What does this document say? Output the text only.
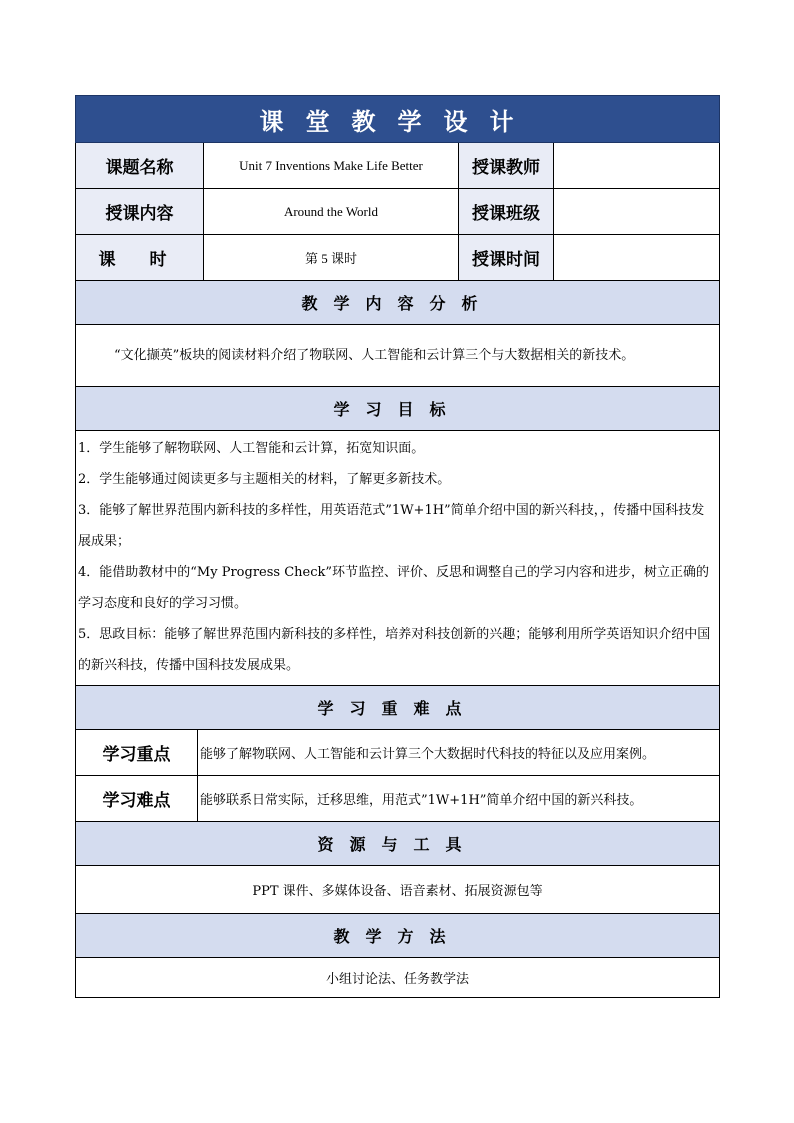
课堂教学设计				
课题名称		Unit 7 Inventions Make Life Better	授课教师	
授课内容		Around the World	授课班级	
课 时		第 5 课时	授课时间	
教学内容分析				
“文化撷英”板块的阅读材料介绍了物联网、人工智能和云计算三个与大数据相关的新技术。				
学习目标				

1．学生能够了解物联网、人工智能和云计算，拓宽知识面。

2．学生能够通过阅读更多与主题相关的材料，了解更多新技术。

3．能够了解世界范围内新科技的多样性，用英语范式”1W+1H”简单介绍中国的新兴科技，，传播中国科技发展成果；

4．能借助教材中的“My Progress Check”环节监控、评价、反思和调整自己的学习内容和进步，树立正确的学习态度和良好的学习习惯。

5．思政目标：能够了解世界范围内新科技的多样性，培养对科技创新的兴趣；能够利用所学英语知识介绍中国的新兴科技，传播中国科技发展成果。				

学习重难点				
学习重点	能够了解物联网、人工智能和云计算三个大数据时代科技的特征以及应用案例。			
学习难点	能够联系日常实际，迁移思维，用范式”1W+1H”简单介绍中国的新兴科技。			
资源与工具				
PPT 课件、多媒体设备、语音素材、拓展资源包等				
教学方法				
小组讨论法、任务教学法				
